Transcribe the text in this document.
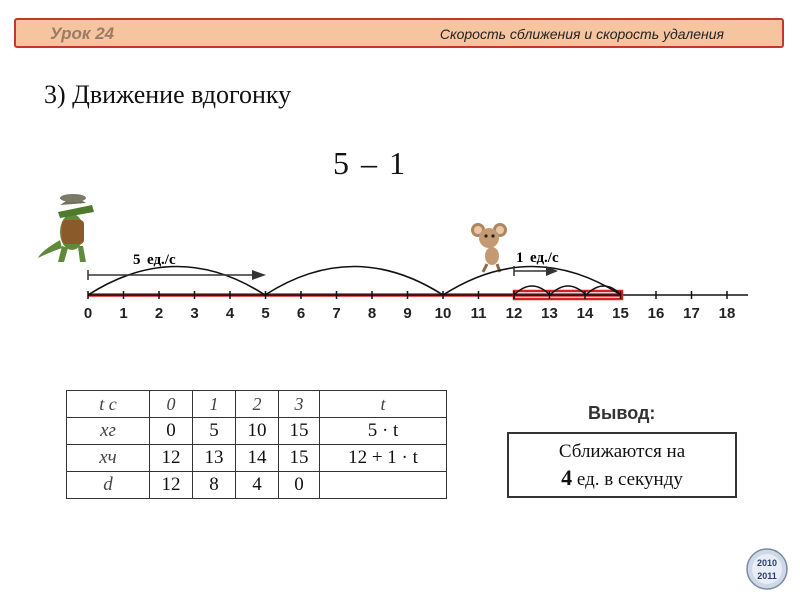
Урок 24	Скорость сближения и скорость удаления
3) Движение вдогонку
5 – 1
5 ед./с	1 ед./с
0 1 2 3 4 5 6 7 8 9 10 11 12 13 14 15 16 17 18
t с	0	1	2	3	t
xг	0	5	10	15	5 · t
xч	12	13	14	15	12 + 1 · t
d	12	8	4	0	
Вывод:
Сближаются на
4 ед. в секунду
2010
2011
